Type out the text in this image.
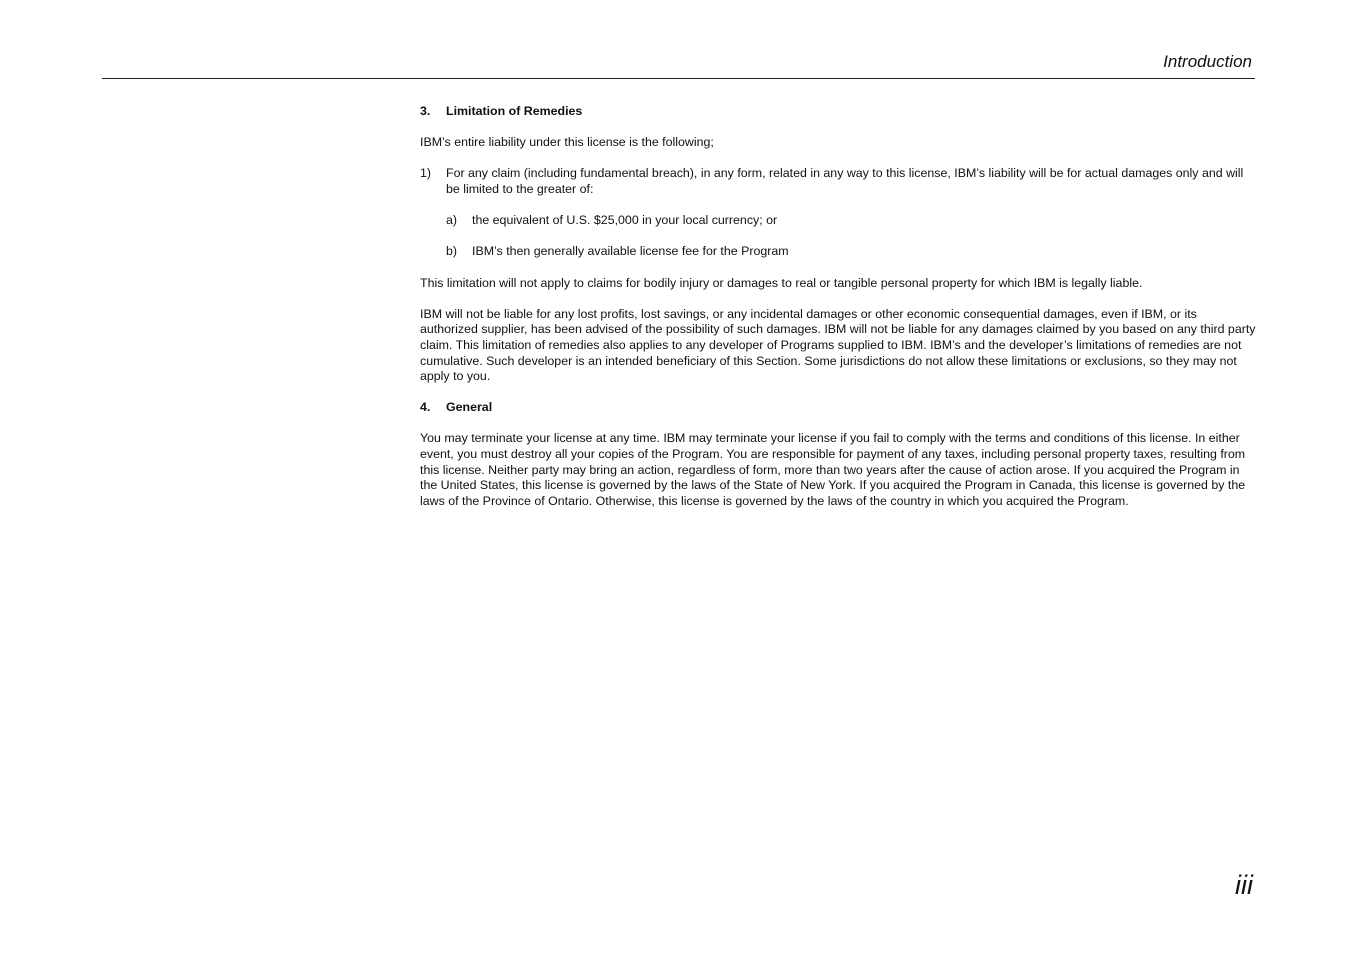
Introduction
3.	Limitation of Remedies

IBM’s entire liability under this license is the following;

1)	For any claim (including fundamental breach), in any form, related in any way to this license, IBM’s liability will be for actual damages only and will be limited to the greater of:
a)	the equivalent of U.S. $25,000 in your local currency; or
b)	IBM’s then generally available license fee for the Program

This limitation will not apply to claims for bodily injury or damages to real or tangible personal property for which IBM is legally liable.

IBM will not be liable for any lost profits, lost savings, or any incidental damages or other economic consequential damages, even if IBM, or its authorized supplier, has been advised of the possibility of such damages. IBM will not be liable for any damages claimed by you based on any third party claim. This limitation of remedies also applies to any developer of Programs supplied to IBM. IBM’s and the developer’s limitations of remedies are not cumulative. Such developer is an intended beneficiary of this Section. Some jurisdictions do not allow these limitations or exclusions, so they may not apply to you.

4.	General

You may terminate your license at any time. IBM may terminate your license if you fail to comply with the terms and conditions of this license. In either event, you must destroy all your copies of the Program. You are responsible for payment of any taxes, including personal property taxes, resulting from this license. Neither party may bring an action, regardless of form, more than two years after the cause of action arose. If you acquired the Program in the United States, this license is governed by the laws of the State of New York. If you acquired the Program in Canada, this license is governed by the laws of the Province of Ontario. Otherwise, this license is governed by the laws of the country in which you acquired the Program.

iii
